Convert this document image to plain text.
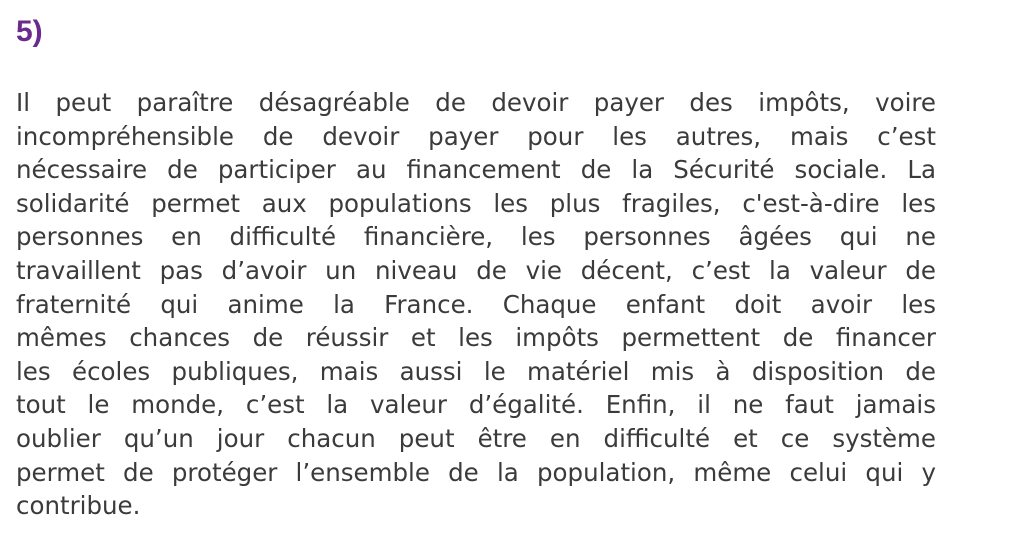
5)
Il peut paraître désagréable de devoir payer des impôts, voire
incompréhensible de devoir payer pour les autres, mais c’est
nécessaire de participer au financement de la Sécurité sociale. La
solidarité permet aux populations les plus fragiles, c'est-à-dire les
personnes en difficulté financière, les personnes âgées qui ne
travaillent pas d’avoir un niveau de vie décent, c’est la valeur de
fraternité qui anime la France. Chaque enfant doit avoir les
mêmes chances de réussir et les impôts permettent de financer
les écoles publiques, mais aussi le matériel mis à disposition de
tout le monde, c’est la valeur d’égalité. Enfin, il ne faut jamais
oublier qu’un jour chacun peut être en difficulté et ce système
permet de protéger l’ensemble de la population, même celui qui y
contribue.
